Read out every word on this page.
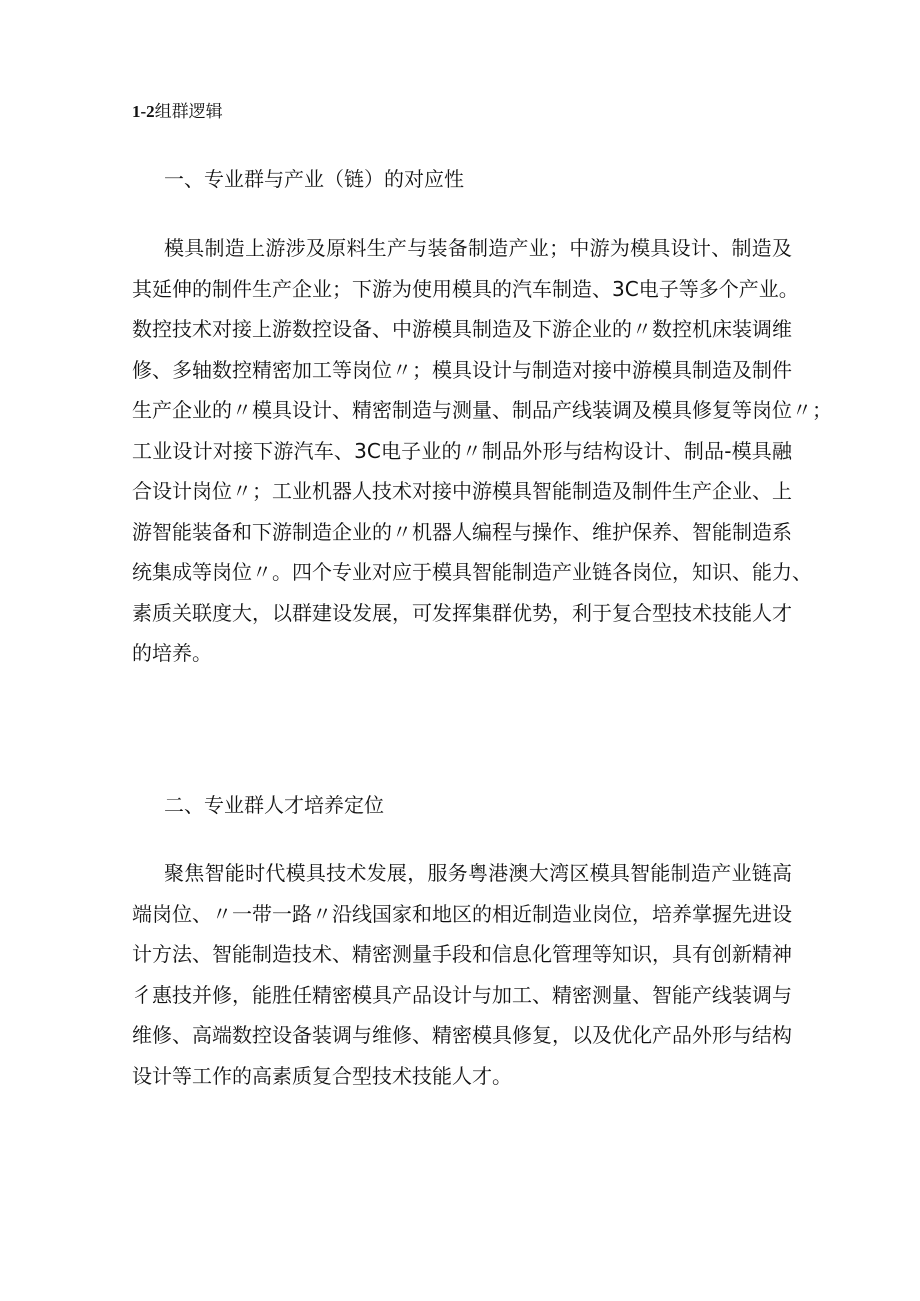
1-2组群逻辑
一、专业群与产业（链）的对应性
模具制造上游涉及原料生产与装备制造产业；中游为模具设计、制造及
其延伸的制件生产企业；下游为使用模具的汽车制造、3C电子等多个产业。
数控技术对接上游数控设备、中游模具制造及下游企业的〃数控机床装调维
修、多轴数控精密加工等岗位〃；模具设计与制造对接中游模具制造及制件
生产企业的〃模具设计、精密制造与测量、制品产线装调及模具修复等岗位〃；
工业设计对接下游汽车、3C电子业的〃制品外形与结构设计、制品-模具融
合设计岗位〃；工业机器人技术对接中游模具智能制造及制件生产企业、上
游智能装备和下游制造企业的〃机器人编程与操作、维护保养、智能制造系
统集成等岗位〃。四个专业对应于模具智能制造产业链各岗位，知识、能力、
素质关联度大，以群建设发展，可发挥集群优势，利于复合型技术技能人才
的培养。
二、专业群人才培养定位
聚焦智能时代模具技术发展，服务粤港澳大湾区模具智能制造产业链高
端岗位、〃一带一路〃沿线国家和地区的相近制造业岗位，培养掌握先进设
计方法、智能制造技术、精密测量手段和信息化管理等知识，具有创新精神
彳惠技并修，能胜任精密模具产品设计与加工、精密测量、智能产线装调与
维修、高端数控设备装调与维修、精密模具修复，以及优化产品外形与结构
设计等工作的高素质复合型技术技能人才。
